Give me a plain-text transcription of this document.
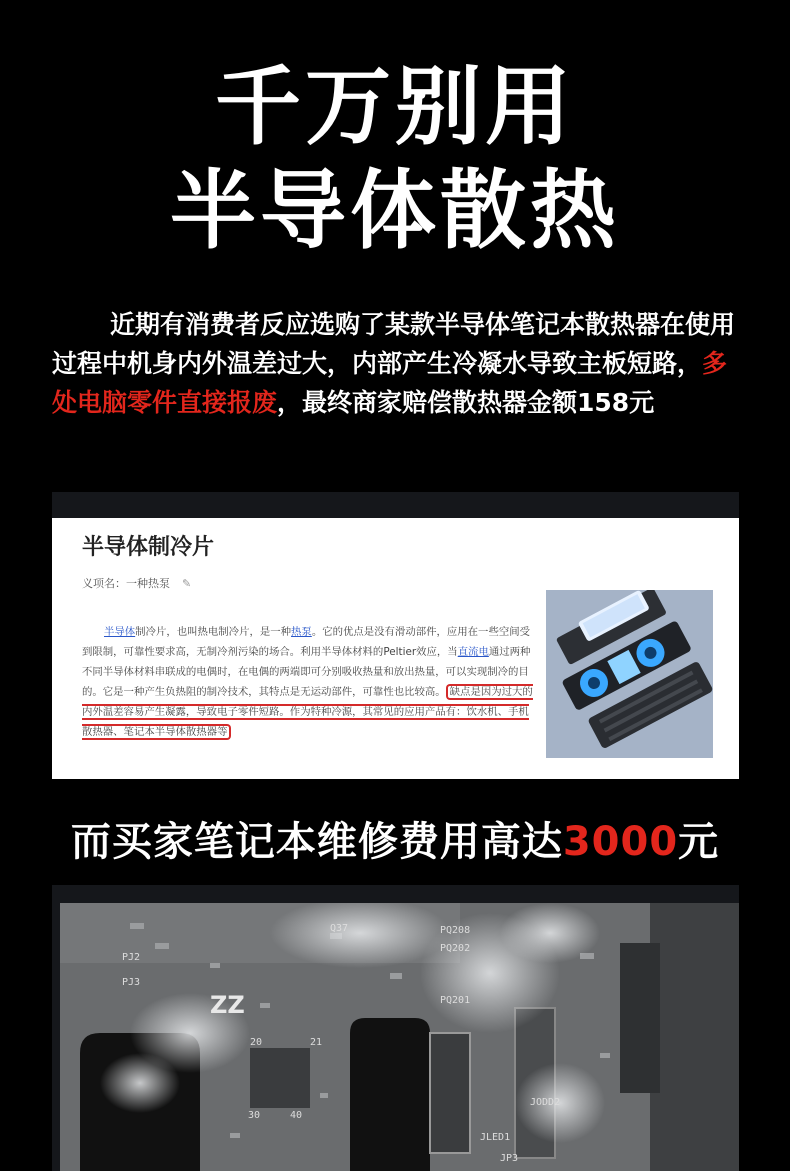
千万别用
半导体散热

近期有消费者反应选购了某款半导体笔记本散热器在使用过程中机身内外温差过大，内部产生冷凝水导致主板短路，多处电脑零件直接报废，最终商家赔偿散热器金额158元

半导体制冷片
义项名：一种热泵 ✎
半导体制冷片，也叫热电制冷片，是一种热泵。它的优点是没有滑动部件，应用在一些空间受到限制，可靠性要求高，无制冷剂污染的场合。利用半导体材料的Peltier效应，当直流电通过两种不同半导体材料串联成的电偶时，在电偶的两端即可分别吸收热量和放出热量，可以实现制冷的目的。它是一种产生负热阻的制冷技术，其特点是无运动部件，可靠性也比较高。 缺点是因为过大的内外温差容易产生凝露，导致电子零件短路。作为特种冷源，其常见的应用产品有：饮水机、手机散热器、笔记本半导体散热器等
而买家笔记本维修费用高达3000元
PJ2
PJ3
Q37	PQ208
PQ202
PQ201
JLED1
JODD2
JP3
20	21
30	40
ZZ
